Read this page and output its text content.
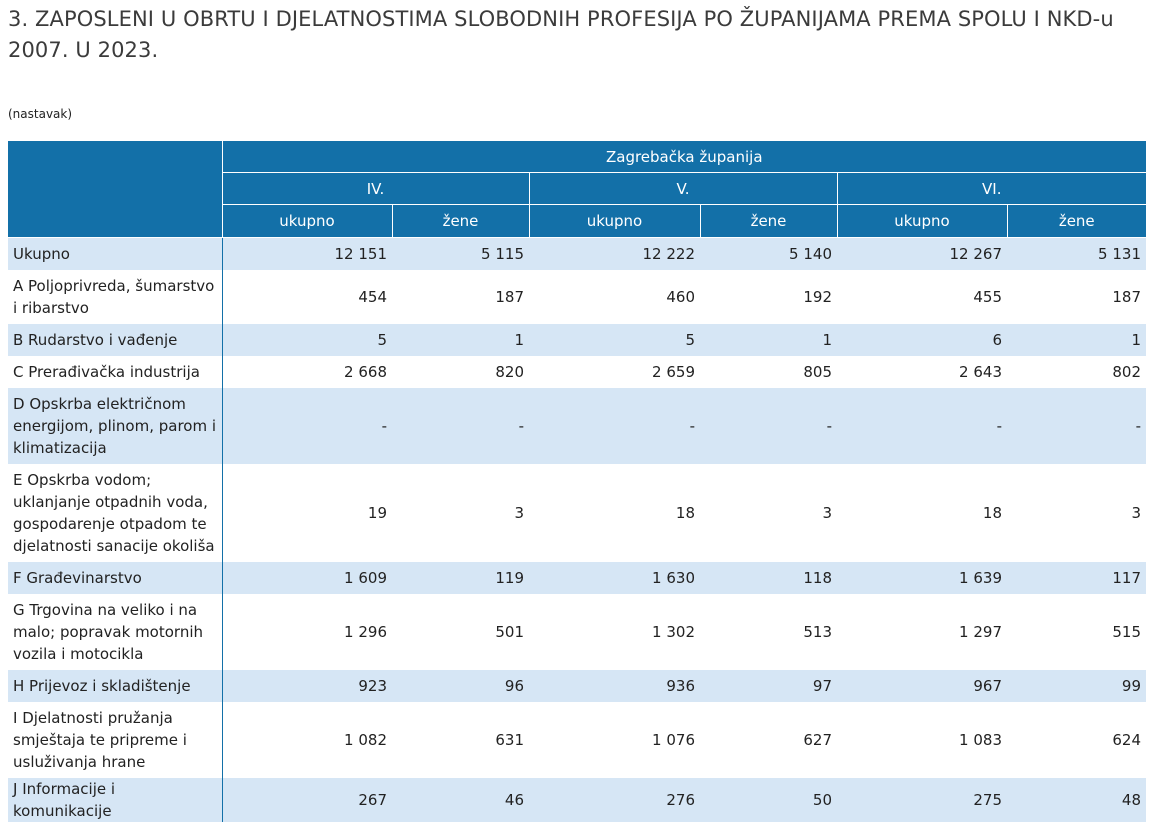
3. ZAPOSLENI U OBRTU I DJELATNOSTIMA SLOBODNIH PROFESIJA PO ŽUPANIJAMA PREMA SPOLU I NKD-u 2007. U 2023.
(nastavak)
	Zagrebačka županija					
	IV.		V.		VI.	
	ukupno	žene	ukupno	žene	ukupno	žene
Ukupno	12 151	5 115	12 222	5 140	12 267	5 131
A Poljoprivreda, šumarstvo i ribarstvo	454	187	460	192	455	187
B Rudarstvo i vađenje	5	1	5	1	6	1
C Prerađivačka industrija	2 668	820	2 659	805	2 643	802
D Opskrba električnom energijom, plinom, parom i klimatizacija	-	-	-	-	-	-
E Opskrba vodom; uklanjanje otpadnih voda, gospodarenje otpadom te djelatnosti sanacije okoliša	19	3	18	3	18	3
F Građevinarstvo	1 609	119	1 630	118	1 639	117
G Trgovina na veliko i na malo; popravak motornih vozila i motocikla	1 296	501	1 302	513	1 297	515
H Prijevoz i skladištenje	923	96	936	97	967	99
I Djelatnosti pružanja smještaja te pripreme i usluživanja hrane	1 082	631	1 076	627	1 083	624
J Informacije i komunikacije	267	46	276	50	275	48
